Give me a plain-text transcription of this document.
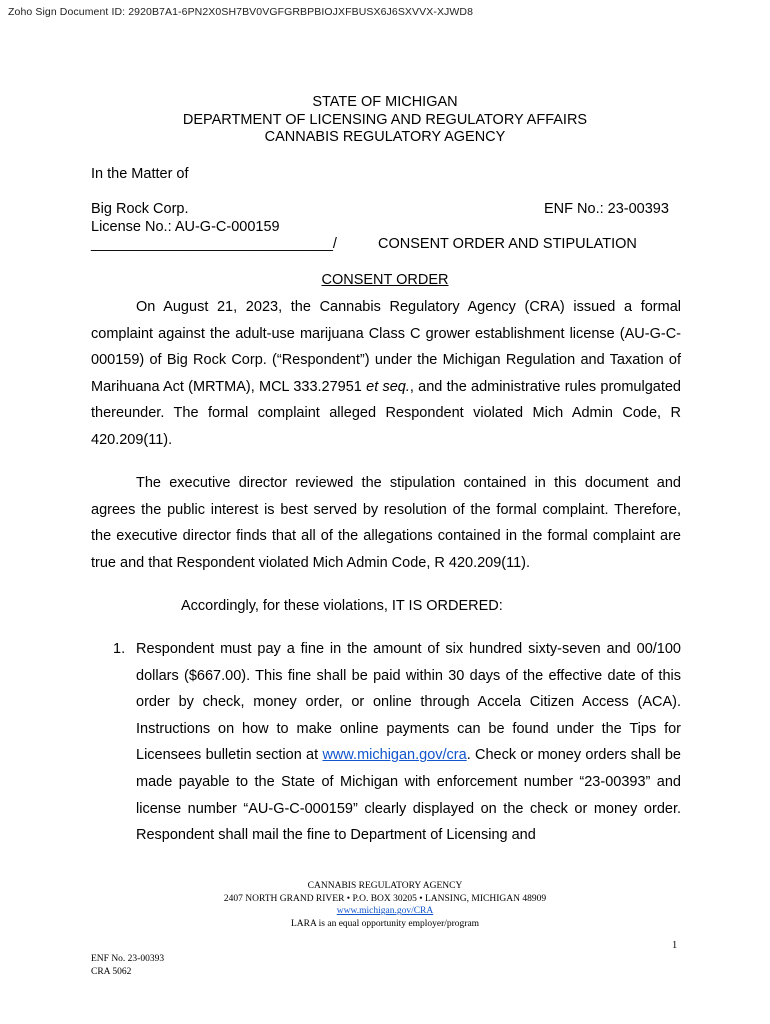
Zoho Sign Document ID: 2920B7A1-6PN2X0SH7BV0VGFGRBPBIOJXFBUSX6J6SXVVX-XJWD8
STATE OF MICHIGAN
DEPARTMENT OF LICENSING AND REGULATORY AFFAIRS
CANNABIS REGULATORY AGENCY
In the Matter of
Big Rock Corp.
License No.: AU-G-C-000159
______________________________/
ENF No.: 23-00393
CONSENT ORDER AND STIPULATION
CONSENT ORDER

On August 21, 2023, the Cannabis Regulatory Agency (CRA) issued a formal complaint against the adult-use marijuana Class C grower establishment license (AU-G-C-000159) of Big Rock Corp. (“Respondent”) under the Michigan Regulation and Taxation of Marihuana Act (MRTMA), MCL 333.27951 et seq., and the administrative rules promulgated thereunder. The formal complaint alleged Respondent violated Mich Admin Code, R 420.209(11).

The executive director reviewed the stipulation contained in this document and agrees the public interest is best served by resolution of the formal complaint. Therefore, the executive director finds that all of the allegations contained in the formal complaint are true and that Respondent violated Mich Admin Code, R 420.209(11).

Accordingly, for these violations, IT IS ORDERED:
1. Respondent must pay a fine in the amount of six hundred sixty-seven and 00/100 dollars ($667.00). This fine shall be paid within 30 days of the effective date of this order by check, money order, or online through Accela Citizen Access (ACA). Instructions on how to make online payments can be found under the Tips for Licensees bulletin section at www.michigan.gov/cra. Check or money orders shall be made payable to the State of Michigan with enforcement number “23-00393” and license number “AU-G-C-000159” clearly displayed on the check or money order. Respondent shall mail the fine to Department of Licensing and
CANNABIS REGULATORY AGENCY
2407 NORTH GRAND RIVER • P.O. BOX 30205 • LANSING, MICHIGAN 48909
www.michigan.gov/CRA
LARA is an equal opportunity employer/program
1
ENF No. 23-00393
CRA 5062
